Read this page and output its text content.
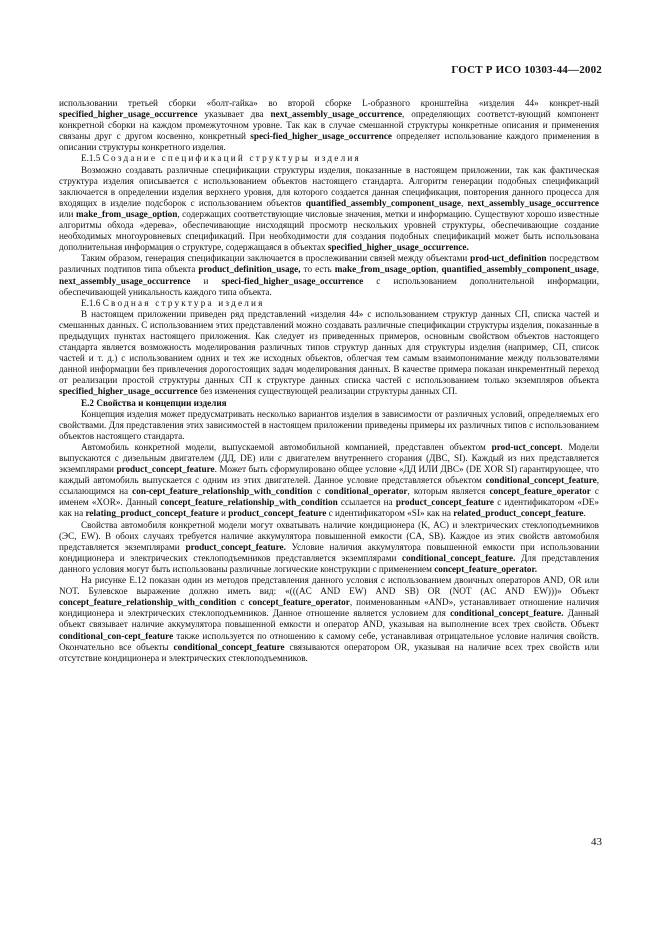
ГОСТ Р ИСО 10303-44—2002

использовании третьей сборки «болт-гайка» во второй сборке L-образного кронштейна «изделия 44» конкрет-ный specified_higher_usage_occurrence указывает два next_assembly_usage_occurrence, определяющих соответст-вующий компонент конкретной сборки на каждом промежуточном уровне. Так как в случае смешанной структуры конкретные описания и применения связаны друг с другом косвенно, конкретный speci-fied_higher_usage_occurrence определяет использование каждого применения в описании структуры конкретного изделия.

E.1.5 Создание спецификаций структуры изделия

Возможно создавать различные спецификации структуры изделия, показанные в настоящем приложении, так как фактическая структура изделия описывается с использованием объектов настоящего стандарта. Алгоритм генерации подобных спецификаций заключается в определении изделия верхнего уровня, для которого создается данная спецификация, повторения данного процесса для входящих в изделие подсборок с использованием объектов quantified_assembly_component_usage, next_assembly_usage_occurrence или make_from_usage_option, содержащих соответствующие числовые значения, метки и информацию. Существуют хорошо известные алгоритмы обхода «дерева», обеспечивающие нисходящий просмотр нескольких уровней структуры, обеспечивающие создание необходимых многоуровневых спецификаций. При необходимости для создания подобных спецификаций может быть использована дополнительная информация о структуре, содержащаяся в объектах specified_higher_usage_occurrence.

Таким образом, генерация спецификации заключается в прослеживании связей между объектами prod-uct_definition посредством различных подтипов типа объекта product_definition_usage, то есть make_from_usage_option, quantified_assembly_component_usage, next_assembly_usage_occurrence и speci-fied_higher_usage_occurrence с использованием дополнительной информации, обеспечивающей уникальность каждого типа объекта.

E.1.6 Сводная структура изделия

В настоящем приложении приведен ряд представлений «изделия 44» с использованием структур данных СП, списка частей и смешанных данных. С использованием этих представлений можно создавать различные спецификации структуры изделия, показанные в предыдущих пунктах настоящего приложения. Как следует из приведенных примеров, основным свойством объектов настоящего стандарта является возможность моделирования различных типов структур данных для структуры изделия (например, СП, список частей и т. д.) с использованием одних и тех же исходных объектов, облегчая тем самым взаимопонимание между пользователями данной информации без привлечения дорогостоящих задач моделирования данных. В качестве примера показан инкрементный переход от реализации простой структуры данных СП к структуре данных списка частей с использованием только экземпляров объекта specified_higher_usage_occurrence без изменения существующей реализации структуры данных СП.

E.2 Свойства и концепции изделия

Концепция изделия может предусматривать несколько вариантов изделия в зависимости от различных условий, определяемых его свойствами. Для представления этих зависимостей в настоящем приложении приведены примеры их различных типов с использованием объектов настоящего стандарта.

Автомобиль конкретной модели, выпускаемой автомобильной компанией, представлен объектом prod-uct_concept. Модели выпускаются с дизельным двигателем (ДД, DE) или с двигателем внутреннего сгорания (ДВС, SI). Каждый из них представляется экземплярами product_concept_feature. Может быть сформулировано общее условие «ДД ИЛИ ДВС» (DE XOR SI) гарантирующее, что каждый автомобиль выпускается с одним из этих двигателей. Данное условие представляется объектом conditional_concept_feature, ссылающимся на con-cept_feature_relationship_with_condition с conditional_operator, которым является concept_feature_operator с именем «XOR». Данный concept_feature_relationship_with_condition ссылается на product_concept_feature с идентификатором «DE» как на relating_product_concept_feature и product_concept_feature с идентификатором «SI» как на related_product_concept_feature.

Свойства автомобиля конкретной модели могут охватывать наличие кондиционера (K, AC) и электрических стеклоподъемников (ЭС, EW). В обоих случаях требуется наличие аккумулятора повышенной емкости (CA, SB). Каждое из этих свойств автомобиля представляется экземплярами product_concept_feature. Условие наличия аккумулятора повышенной емкости при использовании кондиционера и электрических стеклоподъемников представляется экземплярами conditional_concept_feature. Для представления данного условия могут быть использованы различные логические конструкции с применением concept_feature_operator.

На рисунке E.12 показан один из методов представления данного условия с использованием двоичных операторов AND, OR или NOT. Булевское выражение должно иметь вид: «(((AC AND EW) AND SB) OR (NOT (AC AND EW)))» Объект concept_feature_relationship_with_condition с concept_feature_operator, поименованным «AND», устанавливает отношение наличия кондиционера и электрических стеклоподъемников. Данное отношение является условием для conditional_concept_feature. Данный объект связывает наличие аккумулятора повышенной емкости и оператор AND, указывая на выполнение всех трех свойств. Объект conditional_con-cept_feature также используется по отношению к самому себе, устанавливая отрицательное условие наличия свойств. Окончательно все объекты conditional_concept_feature связываются оператором OR, указывая на наличие всех трех свойств или отсутствие кондиционера и электрических стеклоподъемников.

43
